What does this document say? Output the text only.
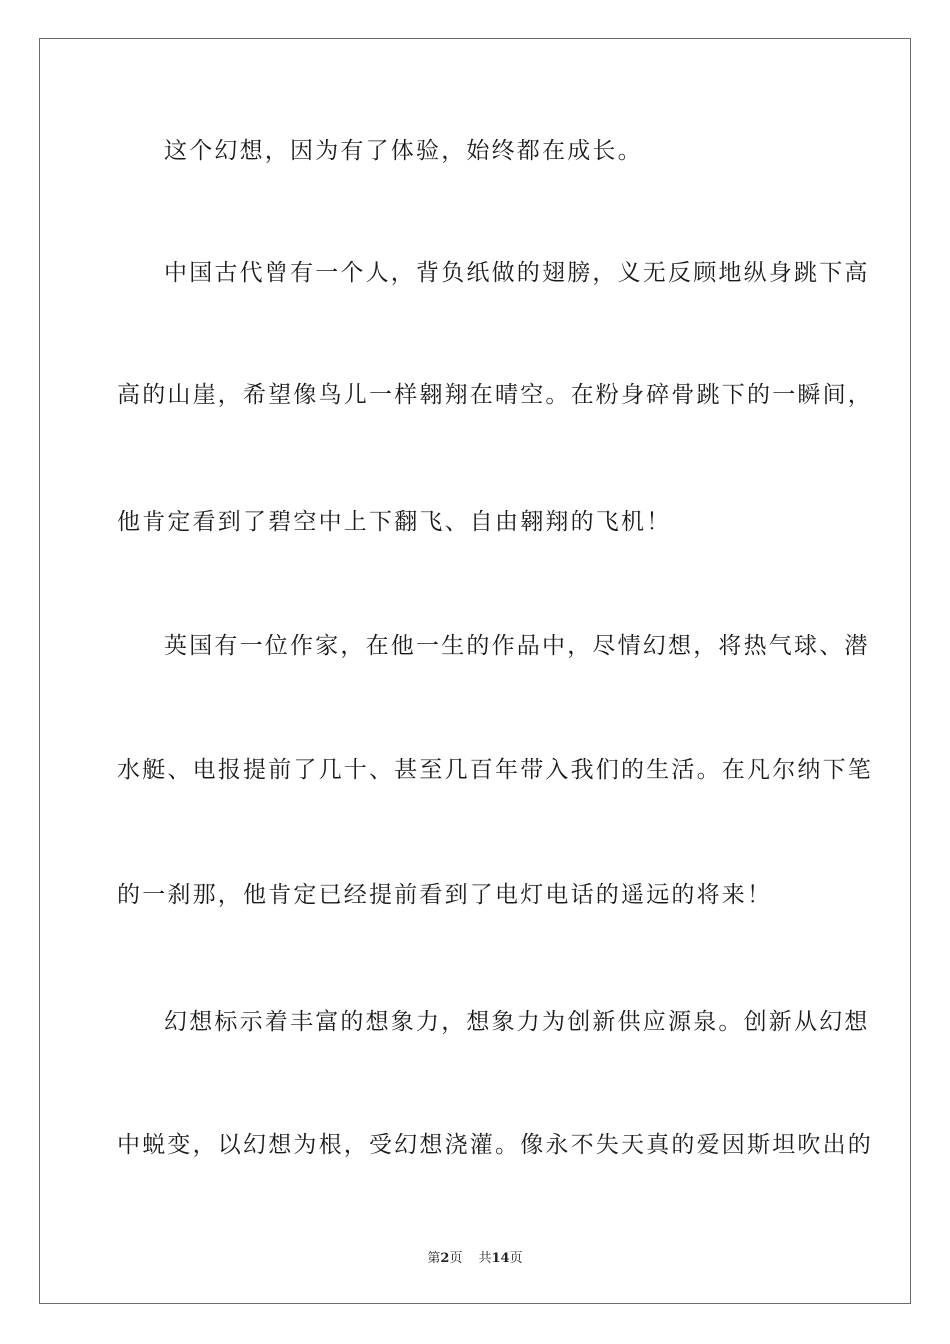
这个幻想，因为有了体验，始终都在成长。
中国古代曾有一个人，背负纸做的翅膀，义无反顾地纵身跳下高
高的山崖，希望像鸟儿一样翱翔在晴空。在粉身碎骨跳下的一瞬间，
他肯定看到了碧空中上下翻飞、自由翱翔的飞机！
英国有一位作家，在他一生的作品中，尽情幻想，将热气球、潜
水艇、电报提前了几十、甚至几百年带入我们的生活。在凡尔纳下笔
的一刹那，他肯定已经提前看到了电灯电话的遥远的将来！
幻想标示着丰富的想象力，想象力为创新供应源泉。创新从幻想
中蜕变，以幻想为根，受幻想浇灌。像永不失天真的爱因斯坦吹出的
第2页 共14页
